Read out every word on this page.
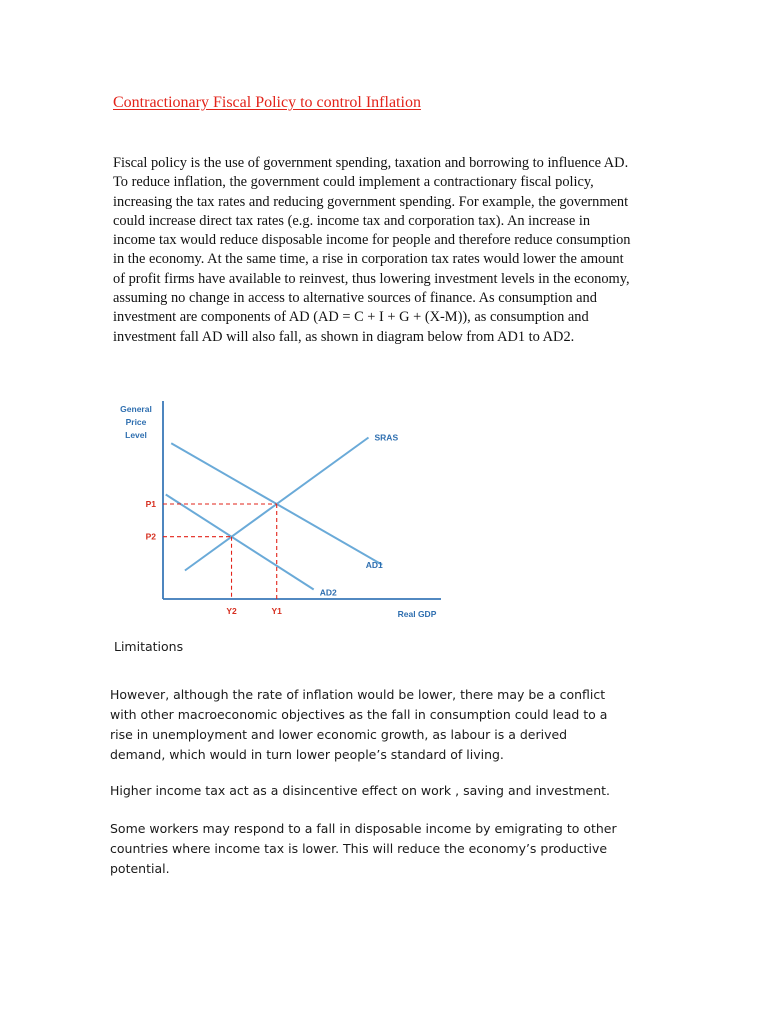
Contractionary Fiscal Policy to control Inflation
Fiscal policy is the use of government spending, taxation and borrowing to influence AD.
To reduce inflation, the government could implement a contractionary fiscal policy,
increasing the tax rates and reducing government spending. For example, the government
could increase direct tax rates (e.g. income tax and corporation tax). An increase in
income tax would reduce disposable income for people and therefore reduce consumption
in the economy. At the same time, a rise in corporation tax rates would lower the amount
of profit firms have available to reinvest, thus lowering investment levels in the economy,
assuming no change in access to alternative sources of finance. As consumption and
investment are components of AD (AD = C + I + G + (X-M)), as consumption and
investment fall AD will also fall, as shown in diagram below from AD1 to AD2.
General
Price
Level
Real GDP
SRAS
AD1
AD2
P1
P2
Y2	Y1

Limitations

However, although the rate of inflation would be lower, there may be a conflict
with other macroeconomic objectives as the fall in consumption could lead to a
rise in unemployment and lower economic growth, as labour is a derived
demand, which would in turn lower people’s standard of living.
Higher income tax act as a disincentive effect on work , saving and investment.
Some workers may respond to a fall in disposable income by emigrating to other
countries where income tax is lower. This will reduce the economy’s productive
potential.
